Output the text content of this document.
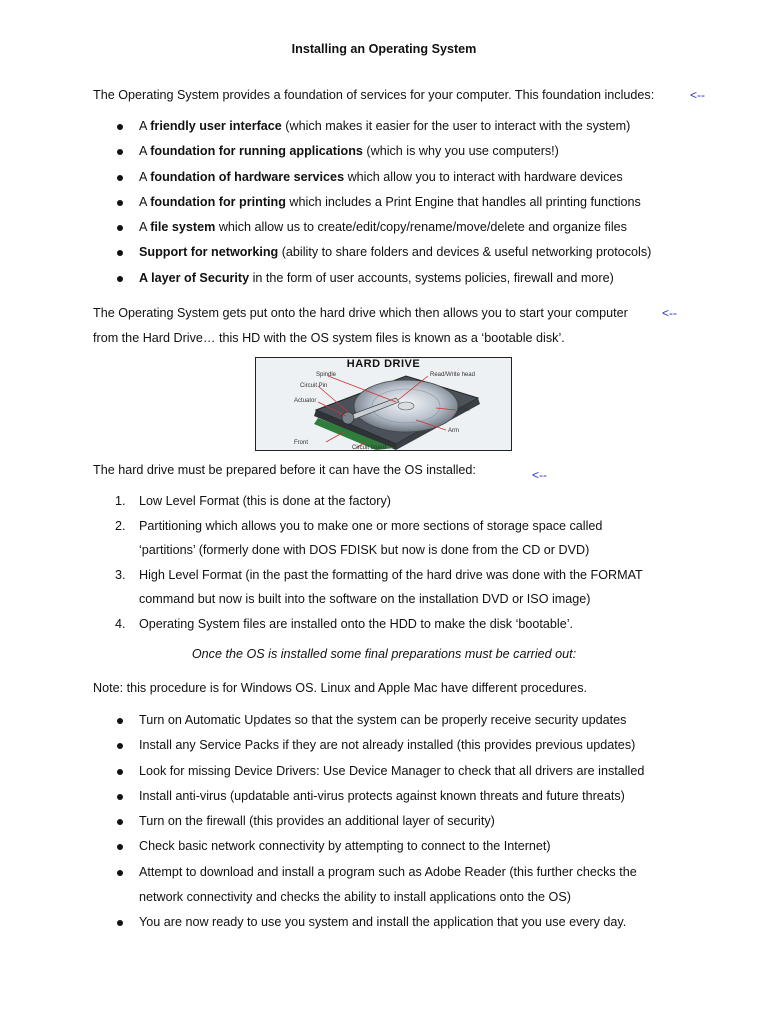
Installing an Operating System
The Operating System provides a foundation of services for your computer. This foundation includes:	<--
A friendly user interface (which makes it easier for the user to interact with the system)
A foundation for running applications (which is why you use computers!)
A foundation of hardware services which allow you to interact with hardware devices
A foundation for printing which includes a Print Engine that handles all printing functions
A file system which allow us to create/edit/copy/rename/move/delete and organize files
Support for networking (ability to share folders and devices & useful networking protocols)
A layer of Security in the form of user accounts, systems policies, firewall and more)
The Operating System gets put onto the hard drive which then allows you to start your computer	<--
from the Hard Drive… this HD with the OS system files is known as a ‘bootable disk’.
HARD DRIVE
Spindle	Read/Write head
Circuit Pin
Actuator
Disk
Arm
Front
Circuit board
The hard drive must be prepared before it can have the OS installed:	<--
1. Low Level Format (this is done at the factory)
2. Partitioning which allows you to make one or more sections of storage space called
‘partitions’ (formerly done with DOS FDISK but now is done from the CD or DVD)
3. High Level Format (in the past the formatting of the hard drive was done with the FORMAT
command but now is built into the software on the installation DVD or ISO image)
4. Operating System files are installed onto the HDD to make the disk ‘bootable’.
Once the OS is installed some final preparations must be carried out:
Note: this procedure is for Windows OS. Linux and Apple Mac have different procedures.
Turn on Automatic Updates so that the system can be properly receive security updates
Install any Service Packs if they are not already installed (this provides previous updates)
Look for missing Device Drivers: Use Device Manager to check that all drivers are installed
Install anti-virus (updatable anti-virus protects against known threats and future threats)
Turn on the firewall (this provides an additional layer of security)
Check basic network connectivity by attempting to connect to the Internet)
Attempt to download and install a program such as Adobe Reader (this further checks the
network connectivity and checks the ability to install applications onto the OS)
You are now ready to use you system and install the application that you use every day.
